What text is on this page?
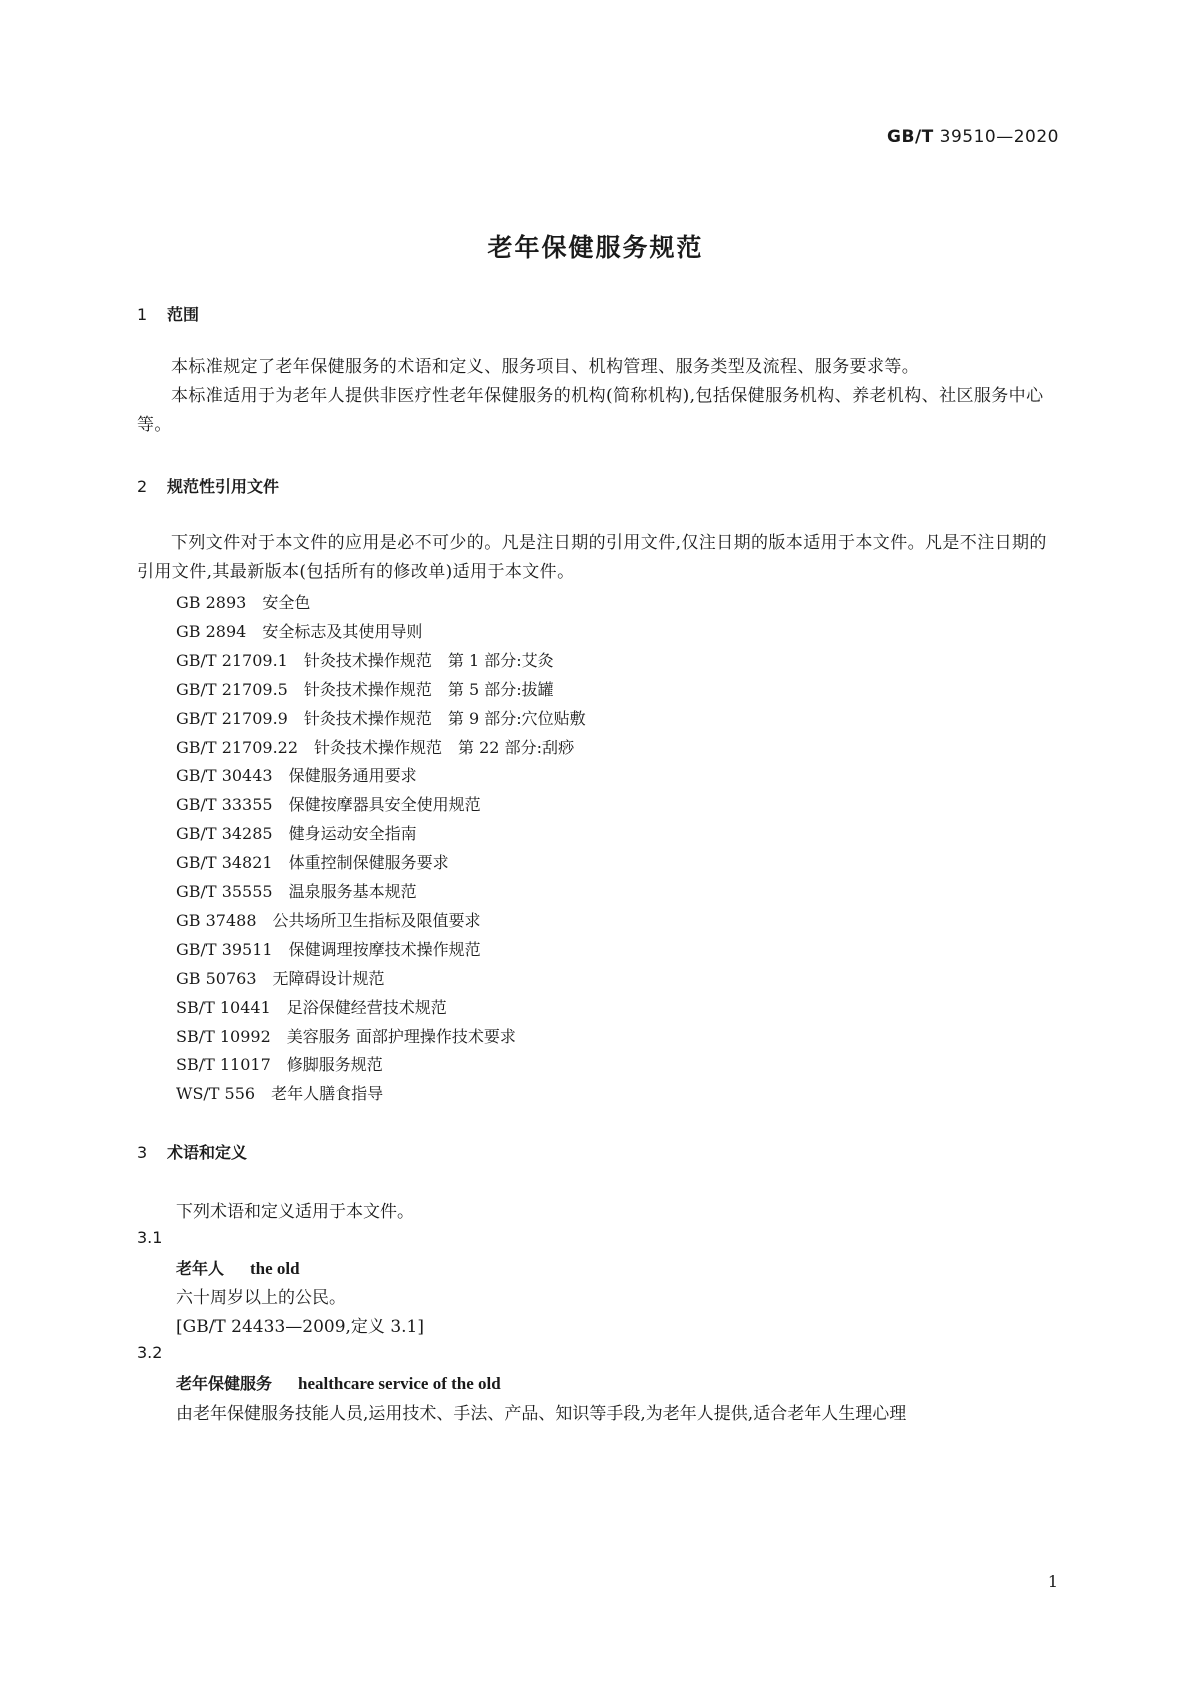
GB/T 39510—2020
老年保健服务规范
1 范围
本标准规定了老年保健服务的术语和定义、服务项目、机构管理、服务类型及流程、服务要求等。
本标准适用于为老年人提供非医疗性老年保健服务的机构(简称机构),包括保健服务机构、养老机构、社区服务中心等。
2 规范性引用文件
下列文件对于本文件的应用是必不可少的。凡是注日期的引用文件,仅注日期的版本适用于本文件。凡是不注日期的引用文件,其最新版本(包括所有的修改单)适用于本文件。
GB 2893 安全色
GB 2894 安全标志及其使用导则
GB/T 21709.1 针灸技术操作规范　第 1 部分:艾灸
GB/T 21709.5 针灸技术操作规范　第 5 部分:拔罐
GB/T 21709.9 针灸技术操作规范　第 9 部分:穴位贴敷
GB/T 21709.22 针灸技术操作规范　第 22 部分:刮痧
GB/T 30443 保健服务通用要求
GB/T 33355 保健按摩器具安全使用规范
GB/T 34285 健身运动安全指南
GB/T 34821 体重控制保健服务要求
GB/T 35555 温泉服务基本规范
GB 37488 公共场所卫生指标及限值要求
GB/T 39511 保健调理按摩技术操作规范
GB 50763 无障碍设计规范
SB/T 10441 足浴保健经营技术规范
SB/T 10992 美容服务 面部护理操作技术要求
SB/T 11017 修脚服务规范
WS/T 556 老年人膳食指导
3 术语和定义
下列术语和定义适用于本文件。
3.1
老年人 the old
六十周岁以上的公民。
[GB/T 24433—2009,定义 3.1]
3.2
老年保健服务 healthcare service of the old
由老年保健服务技能人员,运用技术、手法、产品、知识等手段,为老年人提供,适合老年人生理心理
1
